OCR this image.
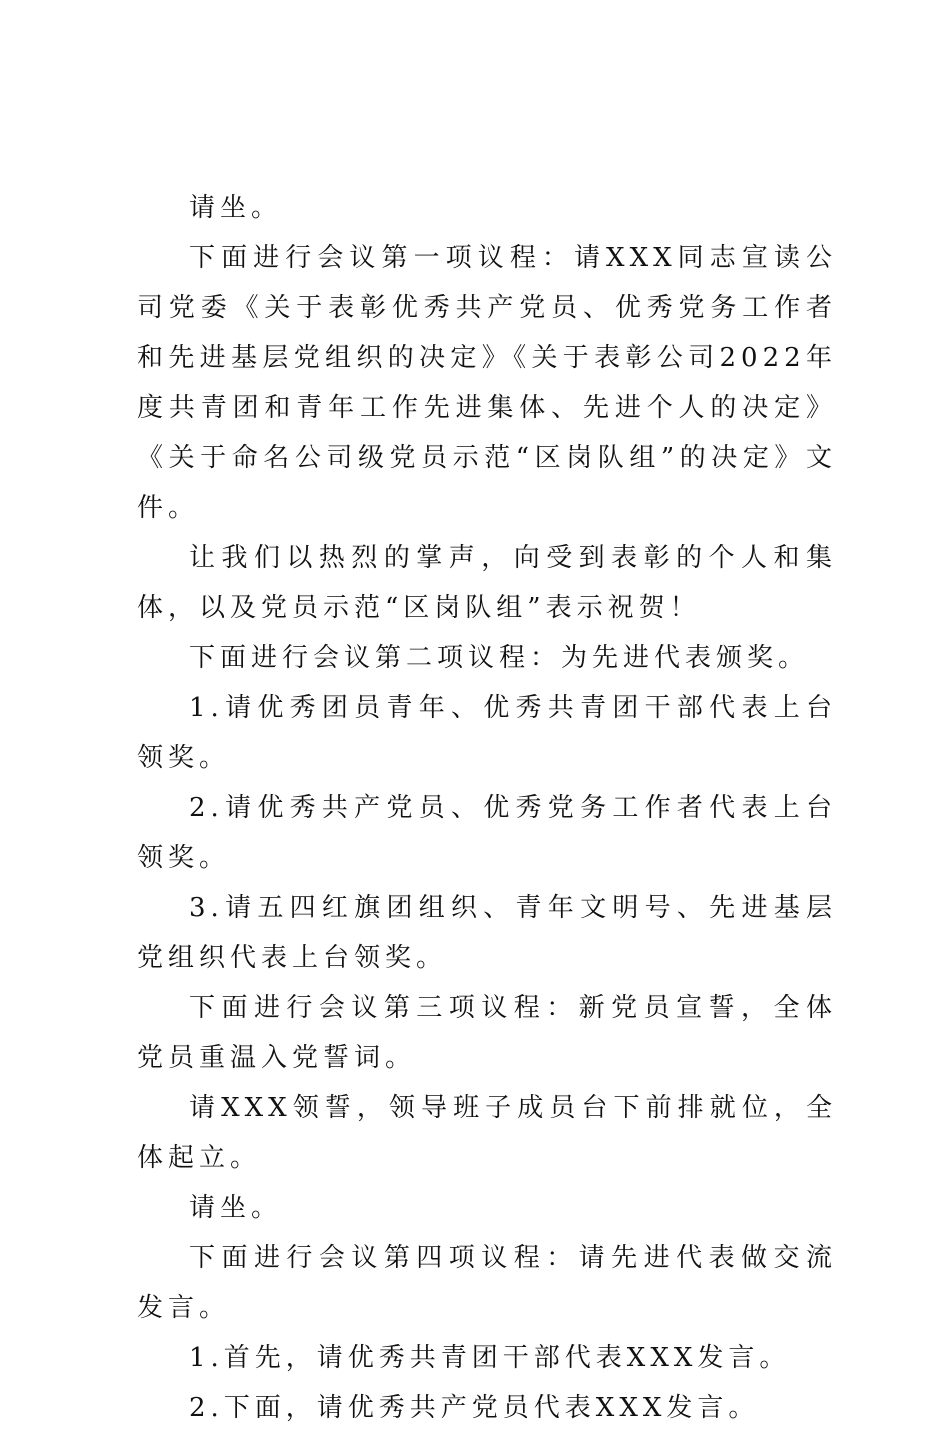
请坐。

下面进行会议第一项议程：请XXX同志宣读公司党委《关于表彰优秀共产党员、优秀党务工作者和先进基层党组织的决定》《关于表彰公司2022年度共青团和青年工作先进集体、先进个人的决定》《关于命名公司级党员示范“区岗队组”的决定》文件。

让我们以热烈的掌声，向受到表彰的个人和集体，以及党员示范“区岗队组”表示祝贺！

下面进行会议第二项议程：为先进代表颁奖。

1.请优秀团员青年、优秀共青团干部代表上台领奖。

2.请优秀共产党员、优秀党务工作者代表上台领奖。

3.请五四红旗团组织、青年文明号、先进基层党组织代表上台领奖。

下面进行会议第三项议程：新党员宣誓，全体党员重温入党誓词。

请XXX领誓，领导班子成员台下前排就位，全体起立。

请坐。

下面进行会议第四项议程：请先进代表做交流发言。

1.首先，请优秀共青团干部代表XXX发言。

2.下面，请优秀共产党员代表XXX发言。
